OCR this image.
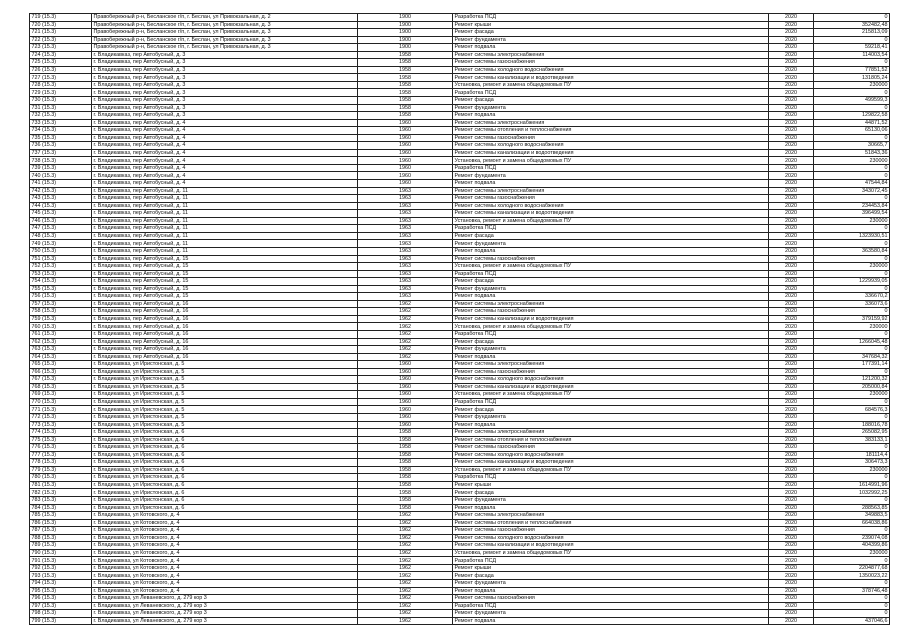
719 (15.3)	Правобережный р-н, Бесланское г/п, г. Беслан, ул Привокзальная, д. 2	1900	Разработка ПСД	2020	0
720 (15.3)	Правобережный р-н, Бесланское г/п, г. Беслан, ул Привокзальная, д. 3	1900	Ремонт крыши	2020	352482,48
721 (15.3)	Правобережный р-н, Бесланское г/п, г. Беслан, ул Привокзальная, д. 3	1900	Ремонт фасада	2020	215813,09
722 (15.3)	Правобережный р-н, Бесланское г/п, г. Беслан, ул Привокзальная, д. 3	1900	Ремонт фундамента	2020	0
723 (15.3)	Правобережный р-н, Бесланское г/п, г. Беслан, ул Привокзальная, д. 3	1900	Ремонт подвала	2020	59218,41
724 (15.3)	г. Владикавказ, пер Автобусный, д. 3	1958	Ремонт системы электроснабжения	2020	114003,54
725 (15.3)	г. Владикавказ, пер Автобусный, д. 3	1958	Ремонт системы газоснабжения	2020	0
726 (15.3)	г. Владикавказ, пер Автобусный, д. 3	1958	Ремонт системы холодного водоснабжения	2020	77851,52
727 (15.3)	г. Владикавказ, пер Автобусный, д. 3	1958	Ремонт системы канализации и водоотведения	2020	131805,24
728 (15.3)	г. Владикавказ, пер Автобусный, д. 3	1958	Установка, ремонт и замена общедомовых ПУ	2020	230000
729 (15.3)	г. Владикавказ, пер Автобусный, д. 3	1958	Разработка ПСД	2020	0
730 (15.3)	г. Владикавказ, пер Автобусный, д. 3	1958	Ремонт фасада	2020	499599,3
731 (15.3)	г. Владикавказ, пер Автобусный, д. 3	1958	Ремонт фундамента	2020	0
732 (15.3)	г. Владикавказ, пер Автобусный, д. 3	1958	Ремонт подвала	2020	129822,58
733 (15.3)	г. Владикавказ, пер Автобусный, д. 4	1960	Ремонт системы электроснабжения	2020	44871,52
734 (15.3)	г. Владикавказ, пер Автобусный, д. 4	1960	Ремонт системы отопления и теплоснабжения	2020	65130,06
735 (15.3)	г. Владикавказ, пер Автобусный, д. 4	1960	Ремонт системы газоснабжения	2020	0
736 (15.3)	г. Владикавказ, пер Автобусный, д. 4	1960	Ремонт системы холодного водоснабжения	2020	30665,7
737 (15.3)	г. Владикавказ, пер Автобусный, д. 4	1960	Ремонт системы канализации и водоотведения	2020	51843,36
738 (15.3)	г. Владикавказ, пер Автобусный, д. 4	1960	Установка, ремонт и замена общедомовых ПУ	2020	230000
739 (15.3)	г. Владикавказ, пер Автобусный, д. 4	1960	Разработка ПСД	2020	0
740 (15.3)	г. Владикавказ, пер Автобусный, д. 4	1960	Ремонт фундамента	2020	0
741 (15.3)	г. Владикавказ, пер Автобусный, д. 4	1960	Ремонт подвала	2020	47544,84
742 (15.3)	г. Владикавказ, пер Автобусный, д. 11	1963	Ремонт системы электроснабжения	2020	343072,45
743 (15.3)	г. Владикавказ, пер Автобусный, д. 11	1963	Ремонт системы газоснабжения	2020	0
744 (15.3)	г. Владикавказ, пер Автобусный, д. 11	1963	Ремонт системы холодного водоснабжения	2020	234453,84
745 (15.3)	г. Владикавказ, пер Автобусный, д. 11	1963	Ремонт системы канализации и водоотведения	2020	396499,54
746 (15.3)	г. Владикавказ, пер Автобусный, д. 11	1963	Установка, ремонт и замена общедомовых ПУ	2020	230000
747 (15.3)	г. Владикавказ, пер Автобусный, д. 11	1963	Разработка ПСД	2020	0
748 (15.3)	г. Владикавказ, пер Автобусный, д. 11	1963	Ремонт фасада	2020	1323930,51
749 (15.3)	г. Владикавказ, пер Автобусный, д. 11	1963	Ремонт фундамента	2020	0
750 (15.3)	г. Владикавказ, пер Автобусный, д. 11	1963	Ремонт подвала	2020	363580,84
751 (15.3)	г. Владикавказ, пер Автобусный, д. 15	1963	Ремонт системы газоснабжения	2020	0
752 (15.3)	г. Владикавказ, пер Автобусный, д. 15	1963	Установка, ремонт и замена общедомовых ПУ	2020	230000
753 (15.3)	г. Владикавказ, пер Автобусный, д. 15	1963	Разработка ПСД	2020	0
754 (15.3)	г. Владикавказ, пер Автобусный, д. 15	1963	Ремонт фасада	2020	1229939,05
755 (15.3)	г. Владикавказ, пер Автобусный, д. 15	1963	Ремонт фундамента	2020	0
756 (15.3)	г. Владикавказ, пер Автобусный, д. 15	1963	Ремонт подвала	2020	336670,2
757 (15.3)	г. Владикавказ, пер Автобусный, д. 16	1962	Ремонт системы электроснабжения	2020	336073,6
758 (15.3)	г. Владикавказ, пер Автобусный, д. 16	1962	Ремонт системы газоснабжения	2020	0
759 (15.3)	г. Владикавказ, пер Автобусный, д. 16	1962	Ремонт системы канализации и водоотведения	2020	379159,92
760 (15.3)	г. Владикавказ, пер Автобусный, д. 16	1962	Установка, ремонт и замена общедомовых ПУ	2020	230000
761 (15.3)	г. Владикавказ, пер Автобусный, д. 16	1962	Разработка ПСД	2020	0
762 (15.3)	г. Владикавказ, пер Автобусный, д. 16	1962	Ремонт фасада	2020	1266045,48
763 (15.3)	г. Владикавказ, пер Автобусный, д. 16	1962	Ремонт фундамента	2020	0
764 (15.3)	г. Владикавказ, пер Автобусный, д. 16	1962	Ремонт подвала	2020	347684,32
765 (15.3)	г. Владикавказ, ул Иристонская, д. 5	1960	Ремонт системы электроснабжения	2020	177391,14
766 (15.3)	г. Владикавказ, ул Иристонская, д. 5	1960	Ремонт системы газоснабжения	2020	0
767 (15.3)	г. Владикавказ, ул Иристонская, д. 5	1960	Ремонт системы холодного водоснабжения	2020	121200,32
768 (15.3)	г. Владикавказ, ул Иристонская, д. 5	1960	Ремонт системы канализации и водоотведения	2020	205000,84
769 (15.3)	г. Владикавказ, ул Иристонская, д. 5	1960	Установка, ремонт и замена общедомовых ПУ	2020	230000
770 (15.3)	г. Владикавказ, ул Иристонская, д. 5	1960	Разработка ПСД	2020	0
771 (15.3)	г. Владикавказ, ул Иристонская, д. 5	1960	Ремонт фасада	2020	684576,3
772 (15.3)	г. Владикавказ, ул Иристонская, д. 5	1960	Ремонт фундамента	2020	0
773 (15.3)	г. Владикавказ, ул Иристонская, д. 5	1960	Ремонт подвала	2020	188016,78
774 (15.3)	г. Владикавказ, ул Иристонская, д. 6	1958	Ремонт системы электроснабжения	2020	265082,95
775 (15.3)	г. Владикавказ, ул Иристонская, д. 6	1958	Ремонт системы отопления и теплоснабжения	2020	383133,1
776 (15.3)	г. Владикавказ, ул Иристонская, д. 6	1958	Ремонт системы газоснабжения	2020	0
777 (15.3)	г. Владикавказ, ул Иристонская, д. 6	1958	Ремонт системы холодного водоснабжения	2020	181114,4
778 (15.3)	г. Владикавказ, ул Иристонская, д. 6	1958	Ремонт системы канализации и водоотведения	2020	306473,3
779 (15.3)	г. Владикавказ, ул Иристонская, д. 6	1958	Установка, ремонт и замена общедомовых ПУ	2020	230000
780 (15.3)	г. Владикавказ, ул Иристонская, д. 6	1958	Разработка ПСД	2020	0
781 (15.3)	г. Владикавказ, ул Иристонская, д. 6	1958	Ремонт крыши	2020	1614991,96
782 (15.3)	г. Владикавказ, ул Иристонская, д. 6	1958	Ремонт фасада	2020	1032992,25
783 (15.3)	г. Владикавказ, ул Иристонская, д. 6	1958	Ремонт фундамента	2020	0
784 (15.3)	г. Владикавказ, ул Иристонская, д. 6	1958	Ремонт подвала	2020	288563,85
785 (15.3)	г. Владикавказ, ул Котовского, д. 4	1962	Ремонт системы электроснабжения	2020	349883,5
786 (15.3)	г. Владикавказ, ул Котовского, д. 4	1962	Ремонт системы отопления и теплоснабжения	2020	664038,86
787 (15.3)	г. Владикавказ, ул Котовского, д. 4	1962	Ремонт системы газоснабжения	2020	0
788 (15.3)	г. Владикавказ, ул Котовского, д. 4	1962	Ремонт системы холодного водоснабжения	2020	239074,08
789 (15.3)	г. Владикавказ, ул Котовского, д. 4	1962	Ремонт системы канализации и водоотведения	2020	404399,86
790 (15.3)	г. Владикавказ, ул Котовского, д. 4	1962	Установка, ремонт и замена общедомовых ПУ	2020	230000
791 (15.3)	г. Владикавказ, ул Котовского, д. 4	1962	Разработка ПСД	2020	0
792 (15.3)	г. Владикавказ, ул Котовского, д. 4	1962	Ремонт крыши	2020	2204877,68
793 (15.3)	г. Владикавказ, ул Котовского, д. 4	1962	Ремонт фасада	2020	1350023,22
794 (15.3)	г. Владикавказ, ул Котовского, д. 4	1962	Ремонт фундамента	2020	0
795 (15.3)	г. Владикавказ, ул Котовского, д. 4	1962	Ремонт подвала	2020	378746,48
796 (15.3)	г. Владикавказ, ул Леваневского, д. 279 кор 3	1962	Ремонт системы газоснабжения	2020	0
797 (15.3)	г. Владикавказ, ул Леваневского, д. 279 кор 3	1962	Разработка ПСД	2020	0
798 (15.3)	г. Владикавказ, ул Леваневского, д. 279 кор 3	1962	Ремонт фундамента	2020	0
799 (15.3)	г. Владикавказ, ул Леваневского, д. 279 кор 3	1962	Ремонт подвала	2020	437046,6
